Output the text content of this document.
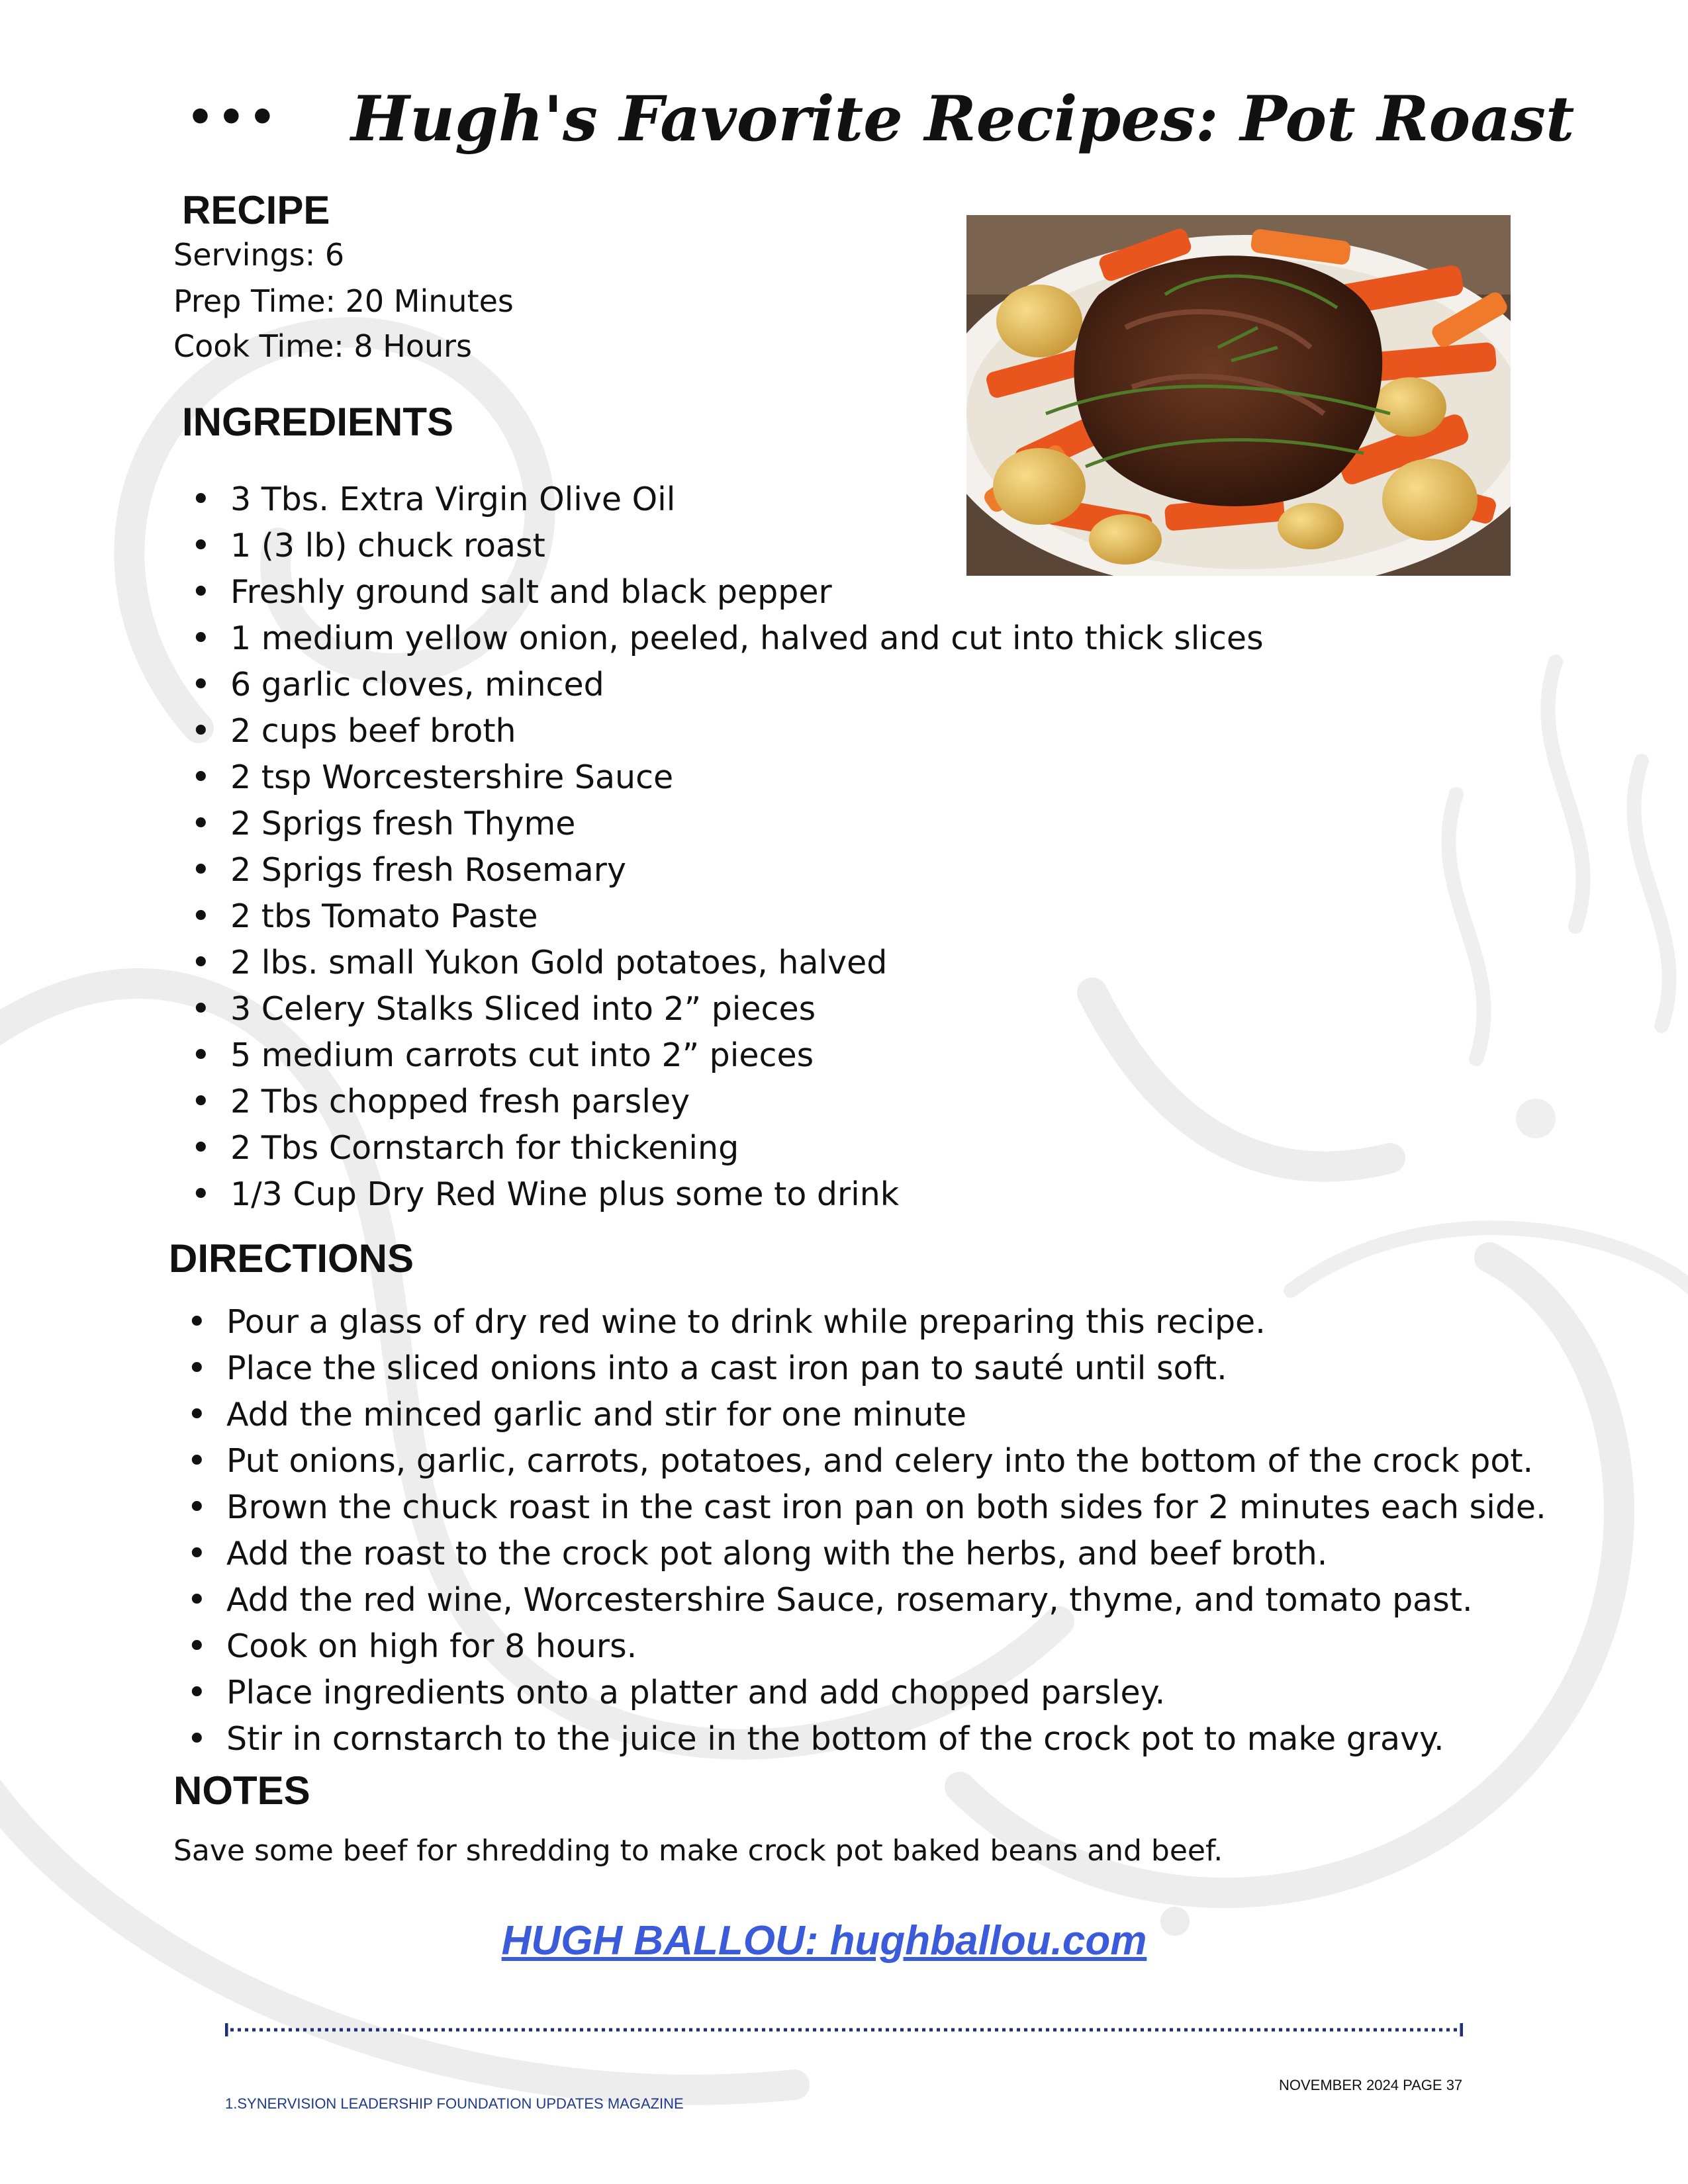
••• Hugh's Favorite Recipes: Pot Roast
RECIPE
Servings: 6
Prep Time: 20 Minutes
Cook Time: 8 Hours
INGREDIENTS
• 3 Tbs. Extra Virgin Olive Oil
• 1 (3 lb) chuck roast
• Freshly ground salt and black pepper
• 1 medium yellow onion, peeled, halved and cut into thick slices
• 6 garlic cloves, minced
• 2 cups beef broth
• 2 tsp Worcestershire Sauce
• 2 Sprigs fresh Thyme
• 2 Sprigs fresh Rosemary
• 2 tbs Tomato Paste
• 2 lbs. small Yukon Gold potatoes, halved
• 3 Celery Stalks Sliced into 2” pieces
• 5 medium carrots cut into 2” pieces
• 2 Tbs chopped fresh parsley
• 2 Tbs Cornstarch for thickening
• 1/3 Cup Dry Red Wine plus some to drink
DIRECTIONS
• Pour a glass of dry red wine to drink while preparing this recipe.
• Place the sliced onions into a cast iron pan to sauté until soft.
• Add the minced garlic and stir for one minute
• Put onions, garlic, carrots, potatoes, and celery into the bottom of the crock pot.
• Brown the chuck roast in the cast iron pan on both sides for 2 minutes each side.
• Add the roast to the crock pot along with the herbs, and beef broth.
• Add the red wine, Worcestershire Sauce, rosemary, thyme, and tomato past.
• Cook on high for 8 hours.
• Place ingredients onto a platter and add chopped parsley.
• Stir in cornstarch to the juice in the bottom of the crock pot to make gravy.
NOTES
Save some beef for shredding to make crock pot baked beans and beef.
HUGH BALLOU: hughballou.com
NOVEMBER 2024 PAGE 37
1.SYNERVISION LEADERSHIP FOUNDATION UPDATES MAGAZINE
